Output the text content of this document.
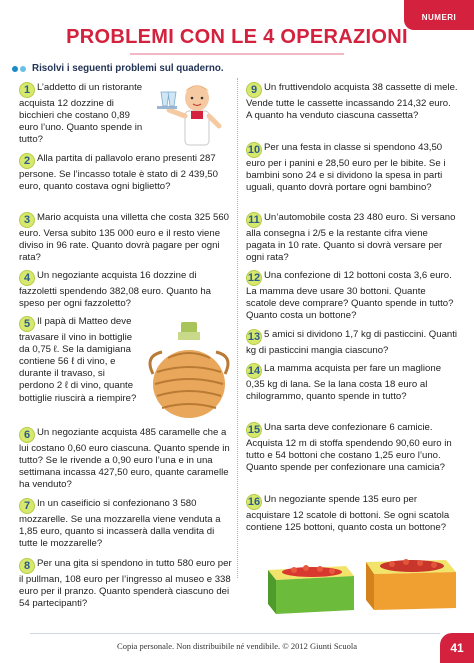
NUMERI
PROBLEMI CON LE 4 OPERAZIONI
Risolvi i seguenti problemi sul quaderno.
1 L’addetto di un ristorante acquista 12 dozzine di bicchieri che costano 0,89 euro l’uno. Quanto spende in tutto?
2 Alla partita di pallavolo erano presenti 287 persone. Se l’incasso totale è stato di 2 439,50 euro, quanto costava ogni biglietto?
3 Mario acquista una villetta che costa 325 560 euro. Versa subito 135 000 euro e il resto viene diviso in 96 rate. Quanto dovrà pagare per ogni rata?
4 Un negoziante acquista 16 dozzine di fazzoletti spendendo 382,08 euro. Quanto ha speso per ogni fazzoletto?
5 Il papà di Matteo deve travasare il vino in bottiglie da 0,75 ℓ. Se la damigiana contiene 56 ℓ di vino, e durante il travaso, si perdono 2 ℓ di vino, quante bottiglie riuscirà a riempire?
6 Un negoziante acquista 485 caramelle che a lui costano 0,60 euro ciascuna. Quanto spende in tutto? Se le rivende a 0,90 euro l’una e in una settimana incassa 427,50 euro, quante caramelle ha venduto?
7 In un caseificio si confezionano 3 580 mozzarelle. Se una mozzarella viene venduta a 1,85 euro, quanto si incasserà dalla vendita di tutte le mozzarelle?
8 Per una gita si spendono in tutto 580 euro per il pullman, 108 euro per l’ingresso al museo e 338 euro per il pranzo. Quanto spenderà ciascuno dei 54 partecipanti?
9 Un fruttivendolo acquista 38 cassette di mele. Vende tutte le cassette incassando 214,32 euro. A quanto ha venduto ciascuna cassetta?
10 Per una festa in classe si spendono 43,50 euro per i panini e 28,50 euro per le bibite. Se i bambini sono 24 e si dividono la spesa in parti uguali, quanto dovrà portare ogni bambino?
11 Un’automobile costa 23 480 euro. Si versano alla consegna i 2/5 e la restante cifra viene pagata in 10 rate. Quanto si dovrà versare per ogni rata?
12 Una confezione di 12 bottoni costa 3,6 euro. La mamma deve usare 30 bottoni. Quante scatole deve comprare? Quanto spende in tutto? Quanto costa un bottone?
13 5 amici si dividono 1,7 kg di pasticcini. Quanti kg di pasticcini mangia ciascuno?
14 La mamma acquista per fare un maglione 0,35 kg di lana. Se la lana costa 18 euro al chilogrammo, quanto spende in tutto?
15 Una sarta deve confezionare 6 camicie. Acquista 12 m di stoffa spendendo 90,60 euro in tutto e 54 bottoni che costano 1,25 euro l’uno. Quanto spende per confezionare una camicia?
16 Un negoziante spende 135 euro per acquistare 12 scatole di bottoni. Se ogni scatola contiene 125 bottoni, quanto costa un bottone?
Copia personale. Non distribuibile né vendibile. © 2012 Giunti Scuola	41
